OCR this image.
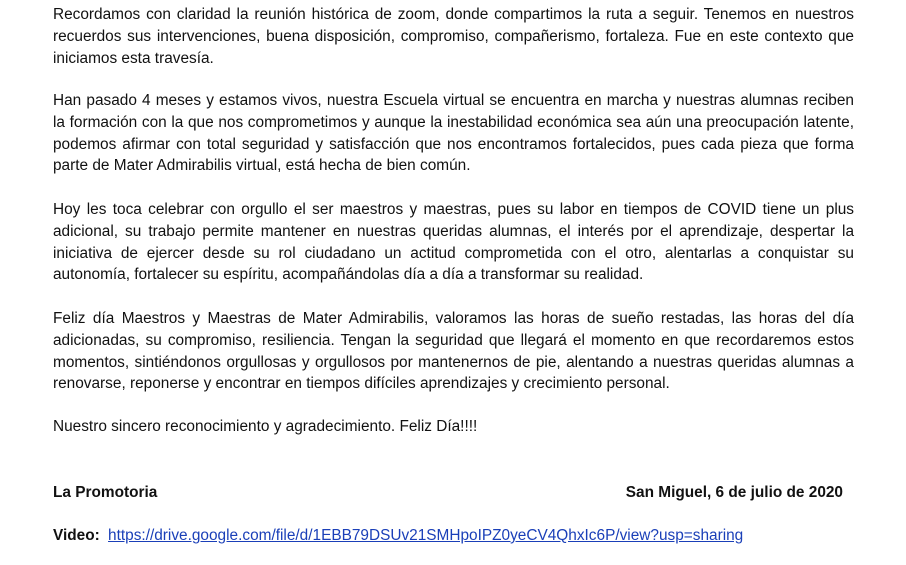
Recordamos con claridad la reunión histórica de zoom, donde compartimos la ruta a seguir. Tenemos en nuestros recuerdos sus intervenciones, buena disposición, compromiso, compañerismo, fortaleza. Fue en este contexto que iniciamos esta travesía.

Han pasado 4 meses y estamos vivos, nuestra Escuela virtual se encuentra en marcha y nuestras alumnas reciben la formación con la que nos comprometimos y aunque la inestabilidad económica sea aún una preocupación latente, podemos afirmar con total seguridad y satisfacción que nos encontramos fortalecidos, pues cada pieza que forma parte de Mater Admirabilis virtual, está hecha de bien común.

Hoy les toca celebrar con orgullo el ser maestros y maestras, pues su labor en tiempos de COVID tiene un plus adicional, su trabajo permite mantener en nuestras queridas alumnas, el interés por el aprendizaje, despertar la iniciativa de ejercer desde su rol ciudadano un actitud comprometida con el otro, alentarlas a conquistar su autonomía, fortalecer su espíritu, acompañándolas día a día a transformar su realidad.

Feliz día Maestros y Maestras de Mater Admirabilis, valoramos las horas de sueño restadas, las horas del día adicionadas, su compromiso, resiliencia. Tengan la seguridad que llegará el momento en que recordaremos estos momentos, sintiéndonos orgullosas y orgullosos por mantenernos de pie, alentando a nuestras queridas alumnas a renovarse, reponerse y encontrar en tiempos difíciles aprendizajes y crecimiento personal.

Nuestro sincero reconocimiento y agradecimiento. Feliz Día!!!!

La Promotoria	San Miguel, 6 de julio de 2020
Video: https://drive.google.com/file/d/1EBB79DSUv21SMHpoIPZ0yeCV4QhxIc6P/view?usp=sharing
